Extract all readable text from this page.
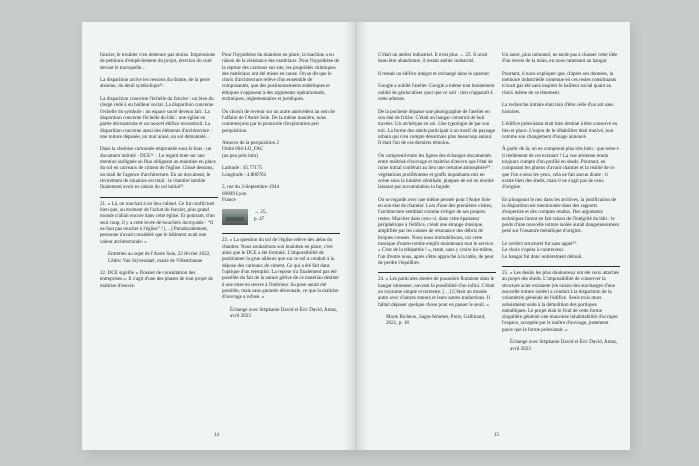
foncier, le troubler n'en demeure pas moins. Impressions de pétitions d'empêchement du projet, érection du curé devant le tractopelle…

La disparition active les ressorts du drame, de la perte absolue, du deuil symbolique²¹.

La disparition concerne l'échelle du foncier : un bien du clergé cédé à un bailleur social. La disparition concerne l'échelle du symbole : un espace sacré devenu laïc. La disparition concerne l'échelle du bâti : une église en partie déconstruite et un nouvel édifice reconstruit. La disparition concerne aussi des éléments d'architecture : une toiture déposée, un mur arasé, un sol démantelé…

Dans la chemise cartonnée empruntée sous le bras : un document intitulé · DCE²² ·. Le regard bute sur une mention surlignée au fluo obligeant au maintien en place du sol en carreaux de ciment de l'église. Glissé dessous, un mail de l'agence d'architecture. En un document, le revirement de situation est total : le chantier semble finalement avoir eu raison du sol initial²³.

21. « Là, on touchait à un lieu cultuel. Ce fut conflictuel bien que, au moment de l'achat du foncier, plus grand monde n'allait encore dans cette église. Et pourtant, d'un seul coup, il y a cette levée de boucliers incroyable : “Il ne faut pas toucher à l'église” ! […] Paradoxalement, personne n'avait considéré que le bâtiment avait une valeur architecturale. »

Entretien au sujet de l'Autre Soie, 22 février 2022, Cédric Van Styvendael, maire de Villeurbanne

22. DCE signifie « Dossier de consultation des entreprises ». Il s'agit d'une des phases de tout projet de maîtrise d'œuvre.

Pour l'hypothèse du maintien en place, la machine a eu raison de la résistance des matériaux. Pour l'hypothèse de la reprise des carreaux sur site, les propriétés chimiques des matériaux ont été mises en cause. On se dit que le choix d'architecture relève d'un ensemble de composantes, que des positionnements esthétiques et éthiques s'opposent à des arguments opérationnels, techniques, réglementaires et juridiques.

On choisit de revenir sur un autre antécédent au sein de l'affaire de l'Autre Soie. De la même manière, nous commençons par le protocole d'exploration pré-perquisition.

Amorce de la perquisition 2
Ordre 004-LO_FAC
(au peu près loin)

Latitude : 45.77175
Longitude : 4.800762

5, rue du 3-Septembre-1944
69009 Lyon
France

→ 25,
p. 47

23. « La question du sol de l'église relève des aléas du chantier. Nous souhaitions son maintien en place, c'est ainsi que le DCE a été formulé. L'impossibilité de positionner la grue ailleurs que sur ce sol a conduit à la dépose des carreaux de ciment. Ce qui a été fait dans l'optique d'un réemploi. La repose n'a finalement pas été possible du fait de la nature gélive de ce matériau destiné à une mise en œuvre à l'intérieur. Sa pose aurait été possible, mais sans garantie décennale, ce que la maîtrise d'ouvrage a refusé. »

Échange avec Stéphanie David et Éric David, Amas, avril 2023

14

C'était un atelier industriel. Il n'est plus → 25. Il avait beau être abandonné, il restait atelier industriel.

Il restait un édifice intègre et inchangé dans le quartier.

Google a oublié l'atelier. Google a même tout bonnement oublié de géolocaliser quoi que ce soit : rien n'apparaît à cette adresse.

De la pochette dépasse une photographie de l'atelier en son état de friche. C'était un hangar construit de huit travées. Un archétype en soi. Une typologie de par son toit. La forme des sheds participait à un motif du paysage urbain qui n'en compte désormais plus beaucoup autour. Il était l'un de ces derniers témoins.

On comprend entre les lignes des échanges documentés entre maîtrise d'ouvrage et maîtrise d'œuvre que l'état de ruine initial conférait au lieu une certaine atmosphère²⁴ : végétations proliférantes et graffs inquiétants mis en scène sous la lumière zénithale, plaques de sol en enrobé laissant par accumulation la façade.

On se regarde avec une même pensée pour l'Autre Soie en son état de chantier. Lors d'une des premières visites, l'architecture semblait comme s'ériger de ses propres restes. Marcher dans ceux-ci, dans cette épaisseur périphérique à l'édifice, créait une étrange musique, amplifiée par les caisses de résonance des débris de briques creuses. Nous nous immobilisons, car cette musique d'outre-tombe emplit maintenant tout le service. « C'est de la télépathie ! », tente, sans y croire lui-même, l'un d'entre nous, après s'être approché à la table, de peur de perdre l'équilibre.

24. « Les particules dorées de poussière flottaient dans le hangar immense, ouvrant la possibilité d'un infini. C'était un royaume simple et terrestre. […] C'était un monde autre avec d'autres mœurs et leurs autres traductions. Il fallait déposer quelque chose pour en passer le seuil. »

Marie Richeux, Sages femmes, Paris, Gallimard, 2021, p. 18

Un autre, plus rationnel, ne tarde pas à chasser cette idée d'un revers de la main, en nous ramenant au hangar.

Pourtant, il nous expliquer que, d'après ses données, la mémoire industrielle contenue en ces restes constituants n'avait pas été sans inspirer le bailleur social quant au choix même de ce tènement.

La recherche initiale était loin d'être celle d'un sol sans histoires.

L'édifice préexistant était bien destiné à être conservé en lieu et place. L'enjeu de le réhabiliter était motivé, tout comme son changement d'usage annoncé.

À partir de là, on ne comprend plus très bien : que reste-t-il réellement de cet existant ? La vue aérienne rendu toujours compte d'un profilé en sheds. Pourtant, en comparant les photos d'avant chantier et la réalité de ce que l'on a sous les yeux, cela ne fait aucun doute : il existe bien des sheds, mais il ne s'agit pas de ceux d'origine.

En plongeant le nez dans les archives, la justification de la disparition est mentionnée dans des rapports d'expertise et des comptes rendus. Des arguments techniques furent en fait raison de l'intégrité du bâti : le poids d'une nouvelle toiture isolée aurait dangereusement pesé sur l'ossature métallique d'origine.

Le verdict structurel fut sans appel²⁵.
Le choix s'opéra à contrecœur.
Le hangar fut donc entièrement démoli.

25. « Les deuils les plus douloureux ont été ceux attachés au projet des sheds. L'impossibilité de conserver la structure acier existante (en raison des surcharges d'une nouvelle toiture isolée) a conduit à la disparition de la volumétrie générale de l'édifice. Seuls trois murs subsistaient suite à la démolition des portiques métalliques. Le projet était le fruit de cette forme singulière générait une mauvaise inhabitabilité d'occuper l'espace, acceptée par le maître d'ouvrage, justement parce que la forme préexistait. »

Échange avec Stéphanie David et Éric David, Amas, avril 2023

15
